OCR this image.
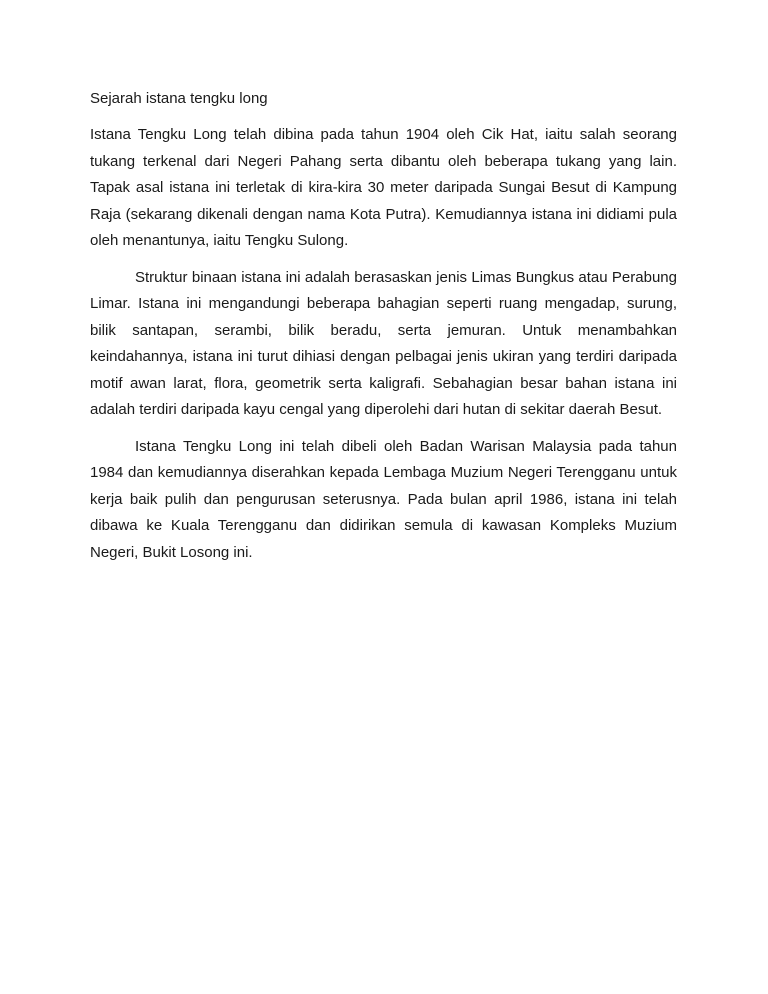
Sejarah istana tengku long

Istana Tengku Long telah dibina pada tahun 1904 oleh Cik Hat, iaitu salah seorang tukang terkenal dari Negeri Pahang serta dibantu oleh beberapa tukang yang lain. Tapak asal istana ini terletak di kira-kira 30 meter daripada Sungai Besut di Kampung Raja (sekarang dikenali dengan nama Kota Putra). Kemudiannya istana ini didiami pula oleh menantunya, iaitu Tengku Sulong.

Struktur binaan istana ini adalah berasaskan jenis Limas Bungkus atau Perabung Limar. Istana ini mengandungi beberapa bahagian seperti ruang mengadap, surung, bilik santapan, serambi, bilik beradu, serta jemuran. Untuk menambahkan keindahannya, istana ini turut dihiasi dengan pelbagai jenis ukiran yang terdiri daripada motif awan larat, flora, geometrik serta kaligrafi. Sebahagian besar bahan istana ini adalah terdiri daripada kayu cengal yang diperolehi dari hutan di sekitar daerah Besut.

Istana Tengku Long ini telah dibeli oleh Badan Warisan Malaysia pada tahun 1984 dan kemudiannya diserahkan kepada Lembaga Muzium Negeri Terengganu untuk kerja baik pulih dan pengurusan seterusnya. Pada bulan april 1986, istana ini telah dibawa ke Kuala Terengganu dan didirikan semula di kawasan Kompleks Muzium Negeri, Bukit Losong ini.
